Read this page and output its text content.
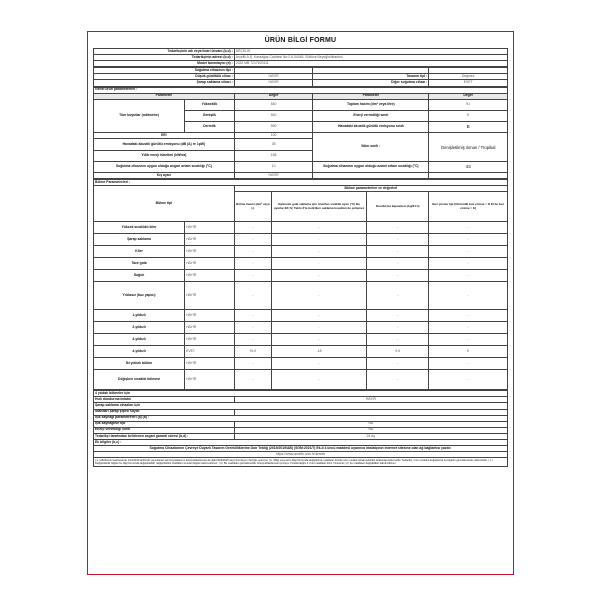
ÜRÜN BİLGİ FORMU
Tedarikçinin adı veya ticari ünvanı (b,d) :	ARÇELİK
Tedarikçinin adresi (b,d) :	Arçelik A.Ş. Karaağaç Caddesi No:2-6,34445, Sütlüce Beyoğlu/İstanbul
Model tanımlayıcı (d) :	2332 MB 7217620111
Soğutma cihazının tipi :			
Düşük gürültülü cihaz :	HAYIR	Tasarım tipi :	Değmez
Şarap saklama cihazı :	HAYIR	Diğer soğutma cihazı :	EVET
Genel ürün parametreleri :				
Parametre		Değer	Parametre	Değer
Tüm boyutlar (milimetre)	Yükseklik	840	Toplam hacim (dm³ veya litre)	91
	Genişlik	540	Enerji verimliliği sınıfı	E
	Derinlik	590	Havadaki akustik gürültü emisyonu sınıfı	B
EEI		100	İklim sınıfı :	Genişletilmiş ılıman / Tropikal
Havadaki akustik gürültü emisyonu (dB (A) re 1pW)		35		
Yıllık enerji tüketimi (kWh/a)		168		
Soğutma cihazının uygun olduğu asgari ortam sıcaklığı (°C)		10	Soğutma cihazının uygun olduğu azami ortam sıcaklığı (°C)	43
Kış ayarı		HAYIR		
Bölme Parametreleri :					
Bölme tipi		Bölme parametreleri ve değerleri			
		Bölme hacmi (dm³ veya L)	Optimum gıda saklama için önerilen sıcaklık ayarı (°C) Bu ayarlar EK IV, Tablo 3'te belirtilen saklama koşulları ile çelişmez	Dondurma kapasitesi (kg/24 h)	Buz çözme tipi (Otomatik buz çözme = O El ile buz çözme = E)
Yüksek sıcaklıklı kiler	HAYIR	-	-	-	-
Şarap saklama	HAYIR	-	-	-	-
Kiler	HAYIR	-	-	-	-
Taze gıda	HAYIR	-	-	-	-
Soğuk	HAYIR	-	-	-	-
Yıldızsız (buz yapıcı)	HAYIR	-	-	-	-
1-yıldızlı	HAYIR	-	-	-	-
2-yıldızlı	HAYIR	-	-	-	-
3-yıldızlı	HAYIR	-	-	-	-
4-yıldızlı	EVET	91,0	-18	9,5	E
İki yıldızlı bölüm	HAYIR	-	-	-	-
Değişken sıcaklık bölmesi	HAYIR	-	-	-	-
4 yıldızlı bölmeler için	
Hızlı dondurma imkânı	HAYIR
Şarap saklama cihazları için	
Standart şarap şişesi sayısı	
Işık kaynağı parametreleri (a) (b) :	
Işık kaynağının tipi	NA
Enerji verimliliği sınıfı	NA
Tedarikçi tarafından belirlenen asgari garanti süresi (b,d) :	24 Ay
Ek bilgiler (b,c) :	
Soğutma Cihazlarının Çevreye Duyarlı Tasarım Gerekliliklerine Dair Tebliğ (2019/2019/AB) (SGM:2021/7) Ek-II 4 üncü maddesi uyarınca imalatçının internet sitesine olan ağ bağlantısı yazılır.	
https://www.arcelik.com.tr/destek	
( a ) AB Resmi Gazetesinde 1/12/2019 tarihinde yayımlanan Işık Kaynaklarının Enerji Etiketlemesi ile ilgili 2019/2015 sayılı Komisyon Tüzüğü uyarınca. ( b ) Bilgi veya ürün bilgi formunda değiştirilmiş maddeler birinde ürün modeli olarak tedarikçi tarafından kabul edilir. Tedarikçi, ürün modelini değiştirerek bu bilgileri güncellemekle yükümlüdür. ( c ) Değiştirilebilir bilgiler bu bilgi formunda değiştirilebilir, değiştirilebilir özellikleri sunulan bilgiler kabul edilmez. ( d ) Bu maddeler güncellenebilir. Enerji Etiketlemesi Çevreye Yönelimdeğim il. Kısıl maddeler birini Yönetmel ( d ) bu maddeleri değişiklikler kabul edilmez.	
